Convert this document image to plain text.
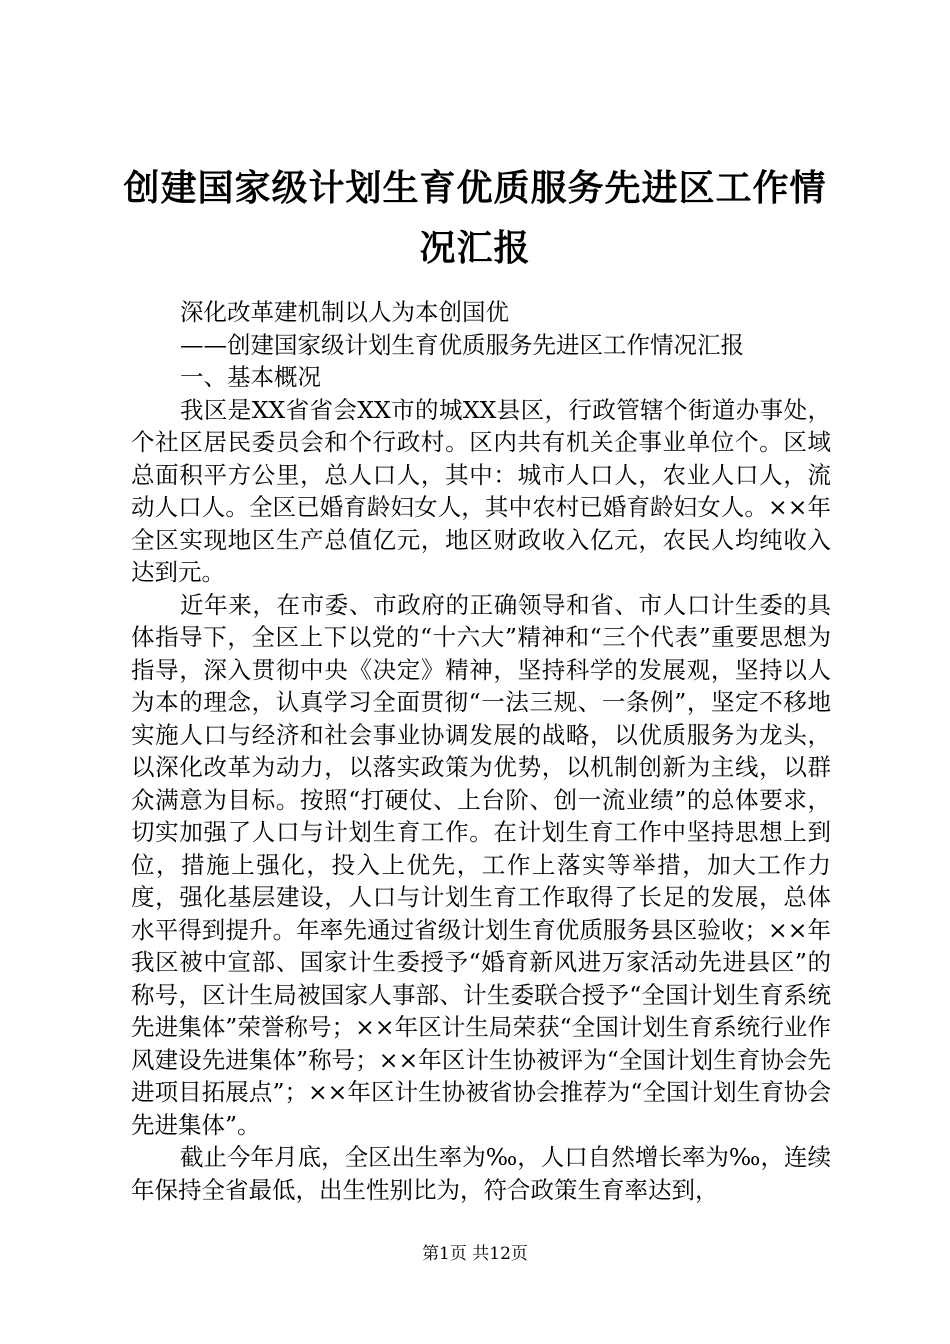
创建国家级计划生育优质服务先进区工作情况汇报

深化改革建机制以人为本创国优

——创建国家级计划生育优质服务先进区工作情况汇报

一、基本概况

我区是XX省省会XX市的城XX县区，行政管辖个街道办事处，个社区居民委员会和个行政村。区内共有机关企事业单位个。区域总面积平方公里，总人口人，其中：城市人口人，农业人口人，流动人口人。全区已婚育龄妇女人，其中农村已婚育龄妇女人。××年全区实现地区生产总值亿元，地区财政收入亿元，农民人均纯收入达到元。

近年来，在市委、市政府的正确领导和省、市人口计生委的具体指导下，全区上下以党的“十六大”精神和“三个代表”重要思想为指导，深入贯彻中央《决定》精神，坚持科学的发展观，坚持以人为本的理念，认真学习全面贯彻“一法三规、一条例”，坚定不移地实施人口与经济和社会事业协调发展的战略，以优质服务为龙头，以深化改革为动力，以落实政策为优势，以机制创新为主线，以群众满意为目标。按照“打硬仗、上台阶、创一流业绩”的总体要求，切实加强了人口与计划生育工作。在计划生育工作中坚持思想上到位，措施上强化，投入上优先，工作上落实等举措，加大工作力度，强化基层建设，人口与计划生育工作取得了长足的发展，总体水平得到提升。年率先通过省级计划生育优质服务县区验收；××年我区被中宣部、国家计生委授予“婚育新风进万家活动先进县区”的称号，区计生局被国家人事部、计生委联合授予“全国计划生育系统先进集体”荣誉称号；××年区计生局荣获“全国计划生育系统行业作风建设先进集体”称号；××年区计生协被评为“全国计划生育协会先进项目拓展点”；××年区计生协被省协会推荐为“全国计划生育协会先进集体”。

截止今年月底，全区出生率为‰，人口自然增长率为‰，连续年保持全省最低，出生性别比为，符合政策生育率达到，

第1页 共12页
